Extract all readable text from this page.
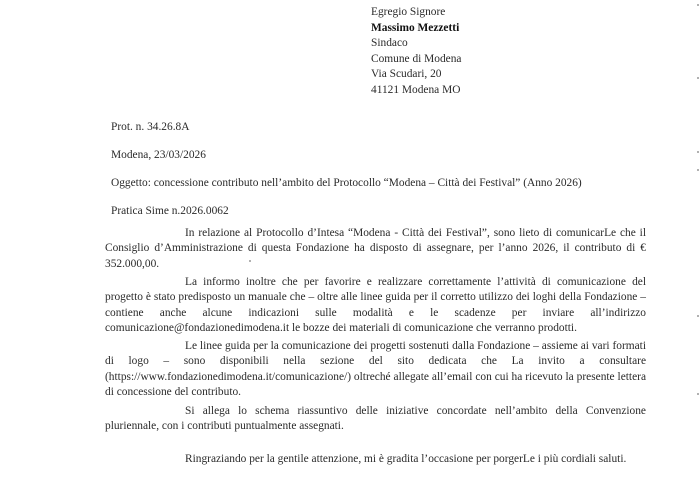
Egregio Signore
Massimo Mezzetti
Sindaco
Comune di Modena
Via Scudari, 20
41121 Modena MO
Prot. n. 34.26.8A
Modena, 23/03/2026
Oggetto: concessione contributo nell’ambito del Protocollo “Modena – Città dei Festival” (Anno 2026)
Pratica Sime n.2026.0062

In relazione al Protocollo d’Intesa “Modena - Città dei Festival”, sono lieto di comunicarLe che il Consiglio d’Amministrazione di questa Fondazione ha disposto di assegnare, per l’anno 2026, il contributo di € 352.000,00.

La informo inoltre che per favorire e realizzare correttamente l’attività di comunicazione del progetto è stato predisposto un manuale che – oltre alle linee guida per il corretto utilizzo dei loghi della Fondazione – contiene anche alcune indicazioni sulle modalità e le scadenze per inviare all’indirizzo comunicazione@fondazionedimodena.it le bozze dei materiali di comunicazione che verranno prodotti.

Le linee guida per la comunicazione dei progetti sostenuti dalla Fondazione – assieme ai vari formati di logo – sono disponibili nella sezione del sito dedicata che La invito a consultare (https://www.fondazionedimodena.it/comunicazione/) oltreché allegate all’email con cui ha ricevuto la presente lettera di concessione del contributo.

Si allega lo schema riassuntivo delle iniziative concordate nell’ambito della Convenzione pluriennale, con i contributi puntualmente assegnati.

Ringraziando per la gentile attenzione, mi è gradita l’occasione per porgerLe i più cordiali saluti.
